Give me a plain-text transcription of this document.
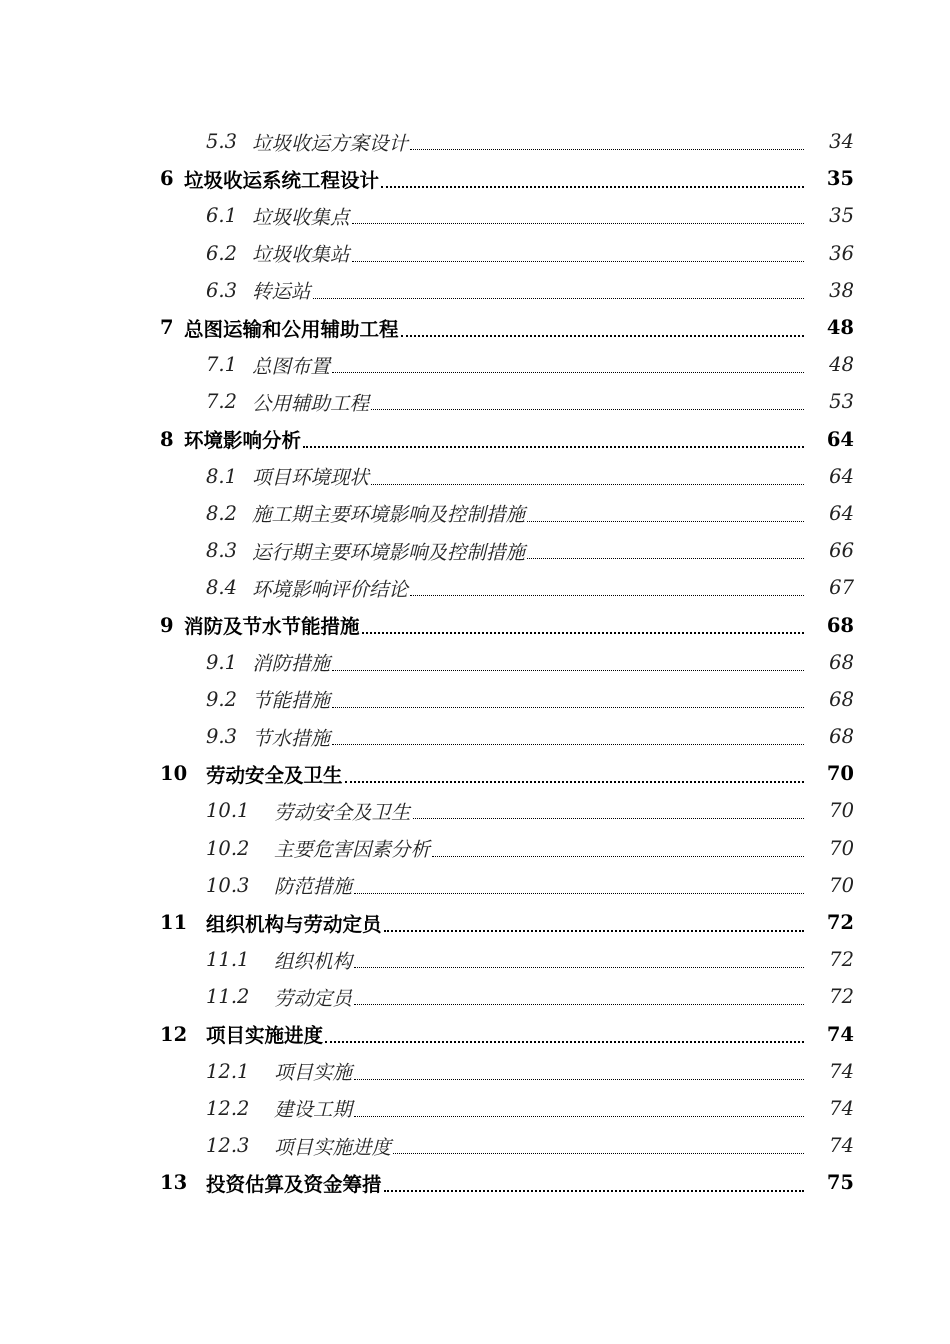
5.3 垃圾收运方案设计	34
6 垃圾收运系统工程设计	35
6.1 垃圾收集点	35
6.2 垃圾收集站	36
6.3 转运站	38
7 总图运输和公用辅助工程	48
7.1 总图布置	48
7.2 公用辅助工程	53
8 环境影响分析	64
8.1 项目环境现状	64
8.2 施工期主要环境影响及控制措施	64
8.3 运行期主要环境影响及控制措施	66
8.4 环境影响评价结论	67
9 消防及节水节能措施	68
9.1 消防措施	68
9.2 节能措施	68
9.3 节水措施	68
10 劳动安全及卫生	70
10.1	劳动安全及卫生	70
10.2	主要危害因素分析	70
10.3	防范措施	70
11 组织机构与劳动定员	72
11.1	组织机构	72
11.2	劳动定员	72
12 项目实施进度	74
12.1	项目实施	74
12.2	建设工期	74
12.3	项目实施进度	74
13 投资估算及资金筹措	75
